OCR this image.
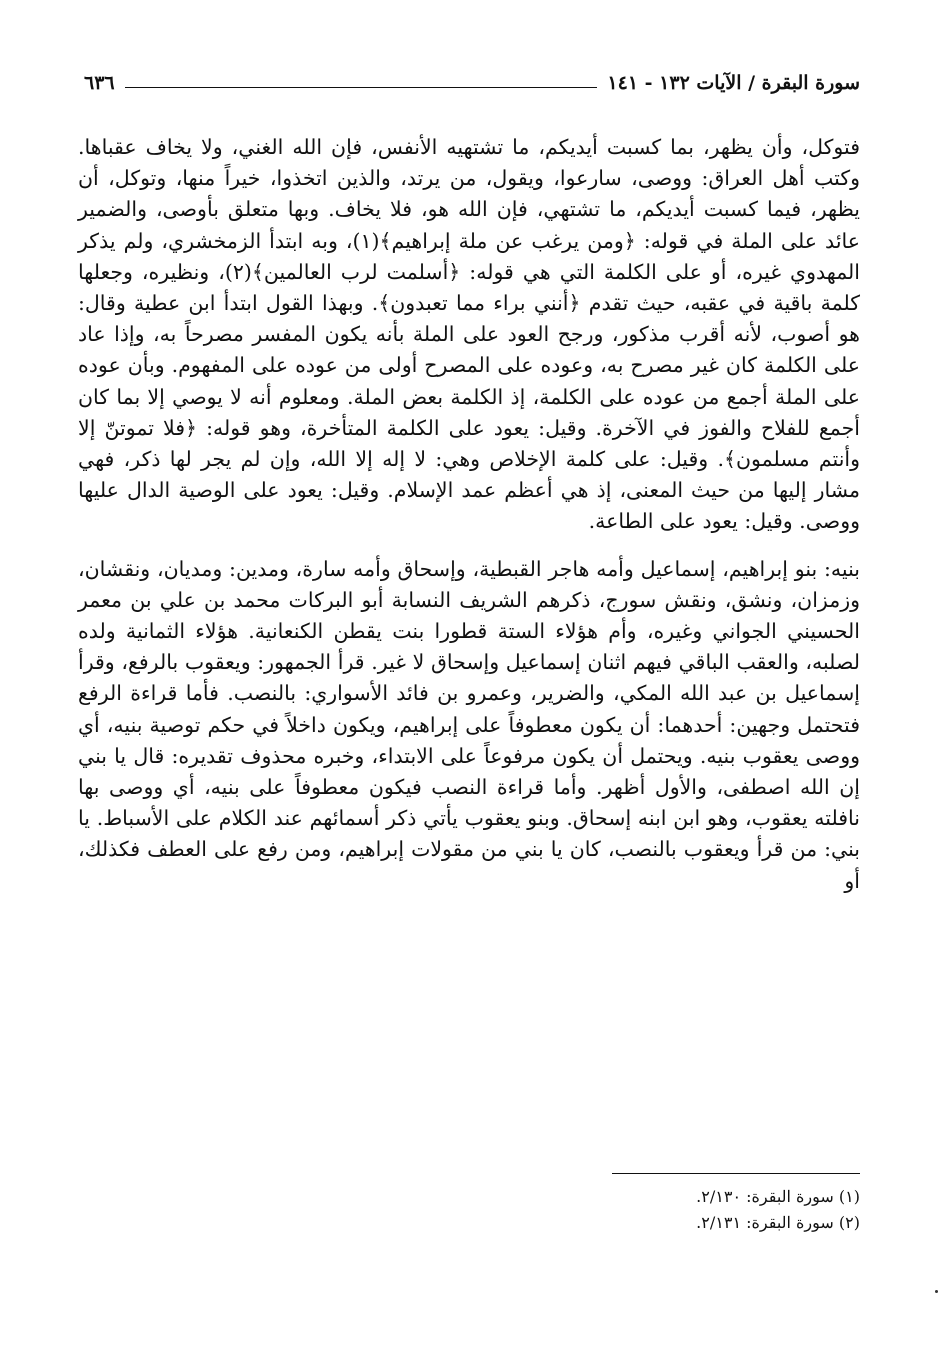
سورة البقرة / الآيات ١٣٢ - ١٤١
٦٣٦

فتوكل، وأن يظهر، بما كسبت أيديكم، ما تشتهيه الأنفس، فإن الله الغني، ولا يخاف عقباها. وكتب أهل العراق: ووصى، سارعوا، ويقول، من يرتد، والذين اتخذوا، خيراً منها، وتوكل، أن يظهر، فيما كسبت أيديكم، ما تشتهي، فإن الله هو، فلا يخاف. وبها متعلق بأوصى، والضمير عائد على الملة في قوله: ﴿ومن يرغب عن ملة إبراهيم﴾(١)، وبه ابتدأ الزمخشري، ولم يذكر المهدوي غيره، أو على الكلمة التي هي قوله: ﴿أسلمت لرب العالمين﴾(٢)، ونظيره، وجعلها كلمة باقية في عقبه، حيث تقدم ﴿أنني براء مما تعبدون﴾. وبهذا القول ابتدأ ابن عطية وقال: هو أصوب، لأنه أقرب مذكور، ورجح العود على الملة بأنه يكون المفسر مصرحاً به، وإذا عاد على الكلمة كان غير مصرح به، وعوده على المصرح أولى من عوده على المفهوم. وبأن عوده على الملة أجمع من عوده على الكلمة، إذ الكلمة بعض الملة. ومعلوم أنه لا يوصي إلا بما كان أجمع للفلاح والفوز في الآخرة. وقيل: يعود على الكلمة المتأخرة، وهو قوله: ﴿فلا تموتنّ إلا وأنتم مسلمون﴾. وقيل: على كلمة الإخلاص وهي: لا إله إلا الله، وإن لم يجر لها ذكر، فهي مشار إليها من حيث المعنى، إذ هي أعظم عمد الإسلام. وقيل: يعود على الوصية الدال عليها ووصى. وقيل: يعود على الطاعة.

بنيه: بنو إبراهيم، إسماعيل وأمه هاجر القبطية، وإسحاق وأمه سارة، ومدين: ومديان، ونقشان، وزمزان، ونشق، ونقش سورج، ذكرهم الشريف النسابة أبو البركات محمد بن علي بن معمر الحسيني الجواني وغيره، وأم هؤلاء الستة قطورا بنت يقطن الكنعانية. هؤلاء الثمانية ولده لصلبه، والعقب الباقي فيهم اثنان إسماعيل وإسحاق لا غير. قرأ الجمهور: ويعقوب بالرفع، وقرأ إسماعيل بن عبد الله المكي، والضرير، وعمرو بن فائد الأسواري: بالنصب. فأما قراءة الرفع فتحتمل وجهين: أحدهما: أن يكون معطوفاً على إبراهيم، ويكون داخلاً في حكم توصية بنيه، أي ووصى يعقوب بنيه. ويحتمل أن يكون مرفوعاً على الابتداء، وخبره محذوف تقديره: قال يا بني إن الله اصطفى، والأول أظهر. وأما قراءة النصب فيكون معطوفاً على بنيه، أي ووصى بها نافلته يعقوب، وهو ابن ابنه إسحاق. وبنو يعقوب يأتي ذكر أسمائهم عند الكلام على الأسباط. يا بني: من قرأ ويعقوب بالنصب، كان يا بني من مقولات إبراهيم، ومن رفع على العطف فكذلك، أو

(١) سورة البقرة: ٢/١٣٠.
(٢) سورة البقرة: ٢/١٣١.
